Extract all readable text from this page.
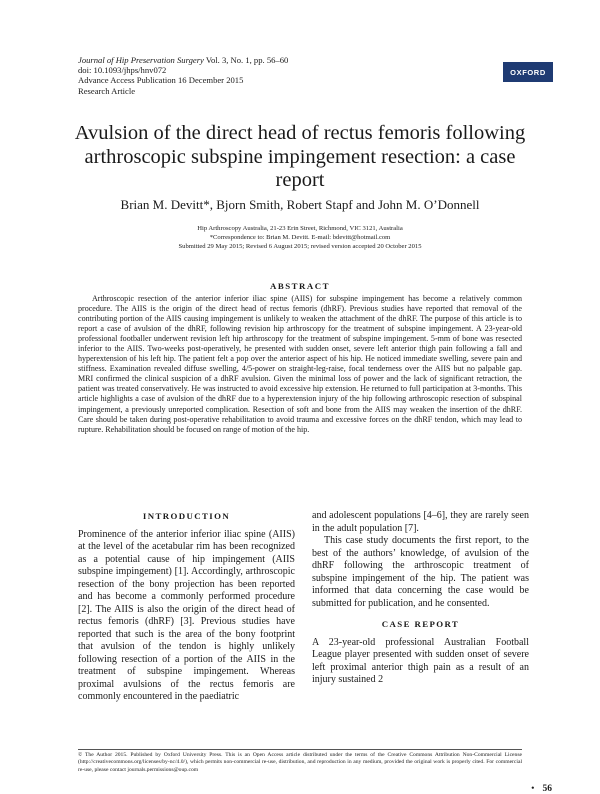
Journal of Hip Preservation Surgery Vol. 3, No. 1, pp. 56–60
doi: 10.1093/jhps/hnv072
Advance Access Publication 16 December 2015
Research Article
OXFORD
Avulsion of the direct head of rectus femoris following arthroscopic subspine impingement resection: a case report
Brian M. Devitt*, Bjorn Smith, Robert Stapf and John M. O’Donnell
Hip Arthroscopy Australia, 21-23 Erin Street, Richmond, VIC 3121, Australia
*Correspondence to: Brian M. Devitt. E-mail: bdevitt@hotmail.com
Submitted 29 May 2015; Revised 6 August 2015; revised version accepted 20 October 2015
ABSTRACT

Arthroscopic resection of the anterior inferior iliac spine (AIIS) for subspine impingement has become a relatively common procedure. The AIIS is the origin of the direct head of rectus femoris (dhRF). Previous studies have reported that removal of the contributing portion of the AIIS causing impingement is unlikely to weaken the attachment of the dhRF. The purpose of this article is to report a case of avulsion of the dhRF, following revision hip arthroscopy for the treatment of subspine impingement. A 23-year-old professional footballer underwent revision left hip arthroscopy for the treatment of subspine impingement. 5-mm of bone was resected inferior to the AIIS. Two-weeks post-operatively, he presented with sudden onset, severe left anterior thigh pain following a fall and hyperextension of his left hip. The patient felt a pop over the anterior aspect of his hip. He noticed immediate swelling, severe pain and stiffness. Examination revealed diffuse swelling, 4/5-power on straight-leg-raise, focal tenderness over the AIIS but no palpable gap. MRI confirmed the clinical suspicion of a dhRF avulsion. Given the minimal loss of power and the lack of significant retraction, the patient was treated conservatively. He was instructed to avoid excessive hip extension. He returned to full participation at 3-months. This article highlights a case of avulsion of the dhRF due to a hyperextension injury of the hip following arthroscopic resection of subspinal impingement, a previously unreported complication. Resection of soft and bone from the AIIS may weaken the insertion of the dhRF. Care should be taken during post-operative rehabilitation to avoid trauma and excessive forces on the dhRF tendon, which may lead to rupture. Rehabilitation should be focused on range of motion of the hip.

INTRODUCTION

Prominence of the anterior inferior iliac spine (AIIS) at the level of the acetabular rim has been recognized as a potential cause of hip impingement (AIIS subspine impingement) [1]. Accordingly, arthroscopic resection of the bony projection has been reported and has become a commonly performed procedure [2]. The AIIS is also the origin of the direct head of rectus femoris (dhRF) [3]. Previous studies have reported that such is the area of the bony footprint that avulsion of the tendon is highly unlikely following resection of a portion of the AIIS in the treatment of subspine impingement. Whereas proximal avulsions of the rectus femoris are commonly encountered in the paediatric

and adolescent populations [4–6], they are rarely seen in the adult population [7].

This case study documents the first report, to the best of the authors’ knowledge, of avulsion of the dhRF following the arthroscopic treatment of subspine impingement of the hip. The patient was informed that data concerning the case would be submitted for publication, and he consented.

CASE REPORT

A 23-year-old professional Australian Football League player presented with sudden onset of severe left proximal anterior thigh pain as a result of an injury sustained 2

© The Author 2015. Published by Oxford University Press. This is an Open Access article distributed under the terms of the Creative Commons Attribution Non-Commercial License (http://creativecommons.org/licenses/by-nc/4.0/), which permits non-commercial re-use, distribution, and reproduction in any medium, provided the original work is properly cited. For commercial re-use, please contact journals.permissions@oup.com

• 56
